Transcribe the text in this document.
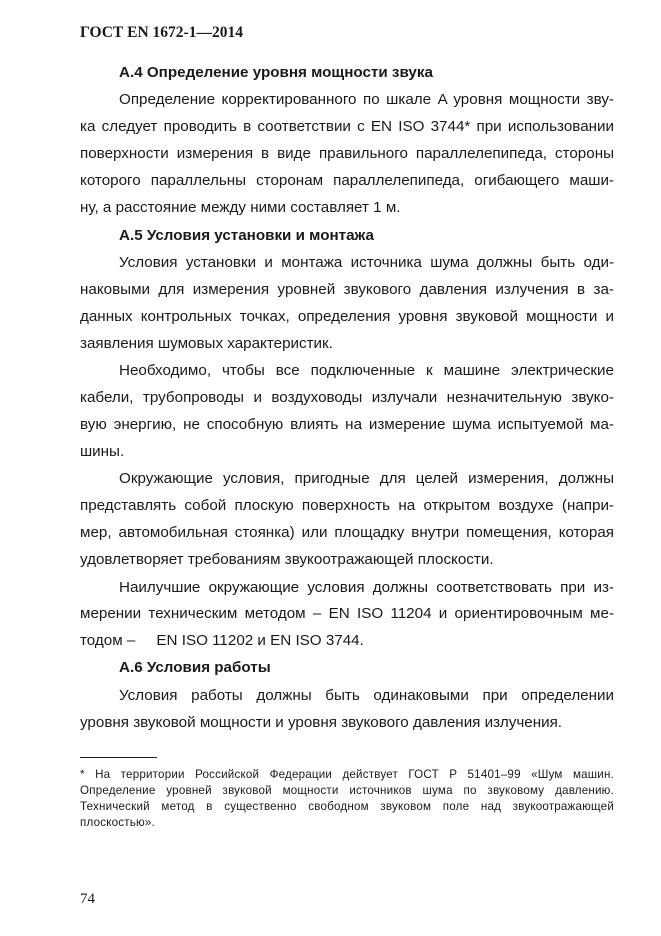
ГОСТ EN 1672-1—2014
А.4 Определение уровня мощности звука
Определение корректированного по шкале A уровня мощности зву-
ка следует проводить в соответствии с EN ISO 3744* при использовании
поверхности измерения в виде правильного параллелепипеда, стороны
которого параллельны сторонам параллелепипеда, огибающего маши-
ну, а расстояние между ними составляет 1 м.
А.5 Условия установки и монтажа
Условия установки и монтажа источника шума должны быть оди-
наковыми для измерения уровней звукового давления излучения в за-
данных контрольных точках, определения уровня звуковой мощности и
заявления шумовых характеристик.
Необходимо, чтобы все подключенные к машине электрические
кабели, трубопроводы и воздуховоды излучали незначительную звуко-
вую энергию, не способную влиять на измерение шума испытуемой ма-
шины.
Окружающие условия, пригодные для целей измерения, должны
представлять собой плоскую поверхность на открытом воздухе (напри-
мер, автомобильная стоянка) или площадку внутри помещения, которая
удовлетворяет требованиям звукоотражающей плоскости.
Наилучшие окружающие условия должны соответствовать при из-
мерении техническим методом – EN ISO 11204 и ориентировочным ме-
тодом –     EN ISO 11202 и EN ISO 3744.
А.6 Условия работы
Условия работы должны быть одинаковыми при определении
уровня звуковой мощности и уровня звукового давления излучения.
* На территории Российской Федерации действует ГОСТ Р 51401–99 «Шум машин.
Определение уровней звуковой мощности источников шума по звуковому давлению.
Технический метод в существенно свободном звуковом поле над звукоотражающей
плоскостью».
74
